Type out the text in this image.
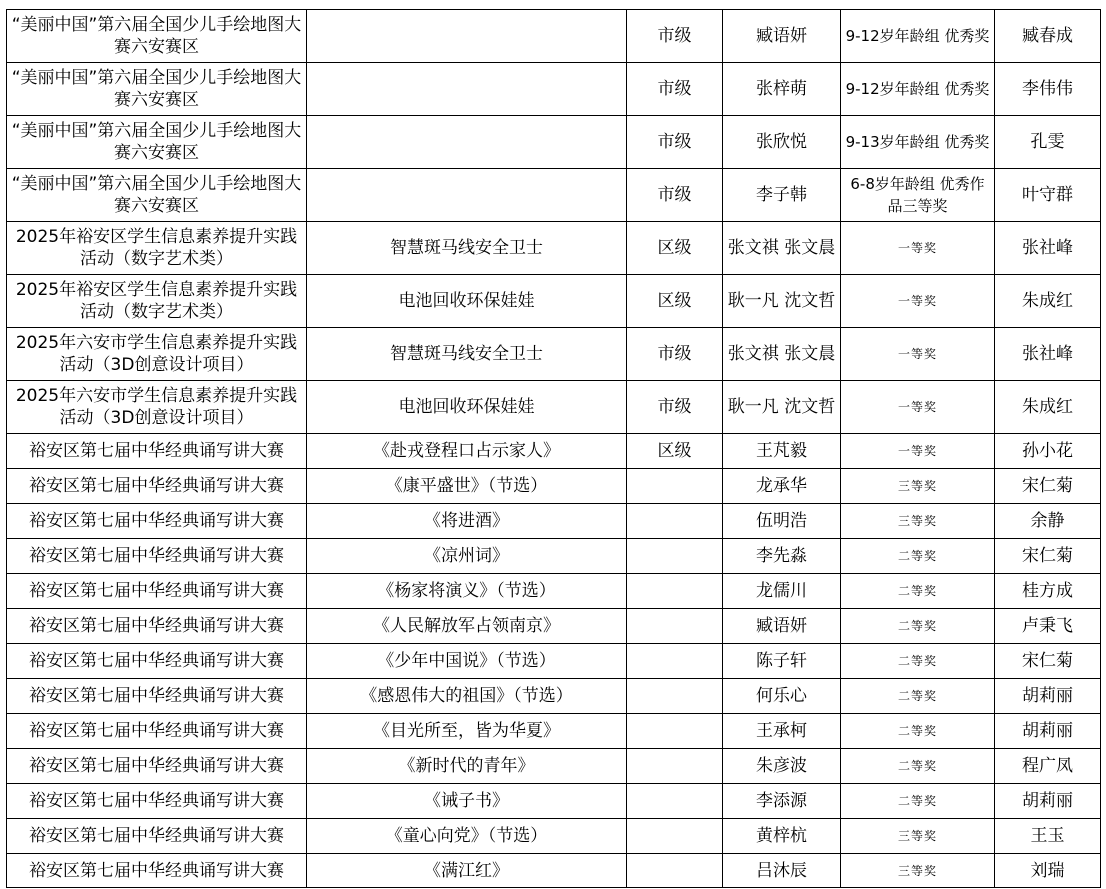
“美丽中国”第六届全国少儿手绘地图大赛六安赛区		市级	臧语妍	9-12岁年龄组 优秀奖	臧春成
“美丽中国”第六届全国少儿手绘地图大赛六安赛区		市级	张梓萌	9-12岁年龄组 优秀奖	李伟伟
“美丽中国”第六届全国少儿手绘地图大赛六安赛区		市级	张欣悦	9-13岁年龄组 优秀奖	孔雯
“美丽中国”第六届全国少儿手绘地图大赛六安赛区		市级	李子韩	6-8岁年龄组 优秀作品三等奖	叶守群
2025年裕安区学生信息素养提升实践活动（数字艺术类）	智慧斑马线安全卫士	区级	张文祺 张文晨	一等奖	张社峰
2025年裕安区学生信息素养提升实践活动（数字艺术类）	电池回收环保娃娃	区级	耿一凡 沈文哲	一等奖	朱成红
2025年六安市学生信息素养提升实践活动（3D创意设计项目）	智慧斑马线安全卫士	市级	张文祺 张文晨	一等奖	张社峰
2025年六安市学生信息素养提升实践活动（3D创意设计项目）	电池回收环保娃娃	市级	耿一凡 沈文哲	一等奖	朱成红
裕安区第七届中华经典诵写讲大赛	《赴戎登程口占示家人》	区级	王芃毅	一等奖	孙小花
裕安区第七届中华经典诵写讲大赛	《康平盛世》（节选）		龙承华	三等奖	宋仁菊
裕安区第七届中华经典诵写讲大赛	《将进酒》		伍明浩	三等奖	余静
裕安区第七届中华经典诵写讲大赛	《凉州词》		李先淼	二等奖	宋仁菊
裕安区第七届中华经典诵写讲大赛	《杨家将演义》（节选）		龙儒川	二等奖	桂方成
裕安区第七届中华经典诵写讲大赛	《人民解放军占领南京》		臧语妍	二等奖	卢秉飞
裕安区第七届中华经典诵写讲大赛	《少年中国说》（节选）		陈子轩	二等奖	宋仁菊
裕安区第七届中华经典诵写讲大赛	《感恩伟大的祖国》（节选）		何乐心	二等奖	胡莉丽
裕安区第七届中华经典诵写讲大赛	《目光所至，皆为华夏》		王承柯	二等奖	胡莉丽
裕安区第七届中华经典诵写讲大赛	《新时代的青年》		朱彦波	二等奖	程广凤
裕安区第七届中华经典诵写讲大赛	《诫子书》		李添源	二等奖	胡莉丽
裕安区第七届中华经典诵写讲大赛	《童心向党》（节选）		黄梓杭	三等奖	王玉
裕安区第七届中华经典诵写讲大赛	《满江红》		吕沐辰	三等奖	刘瑞
